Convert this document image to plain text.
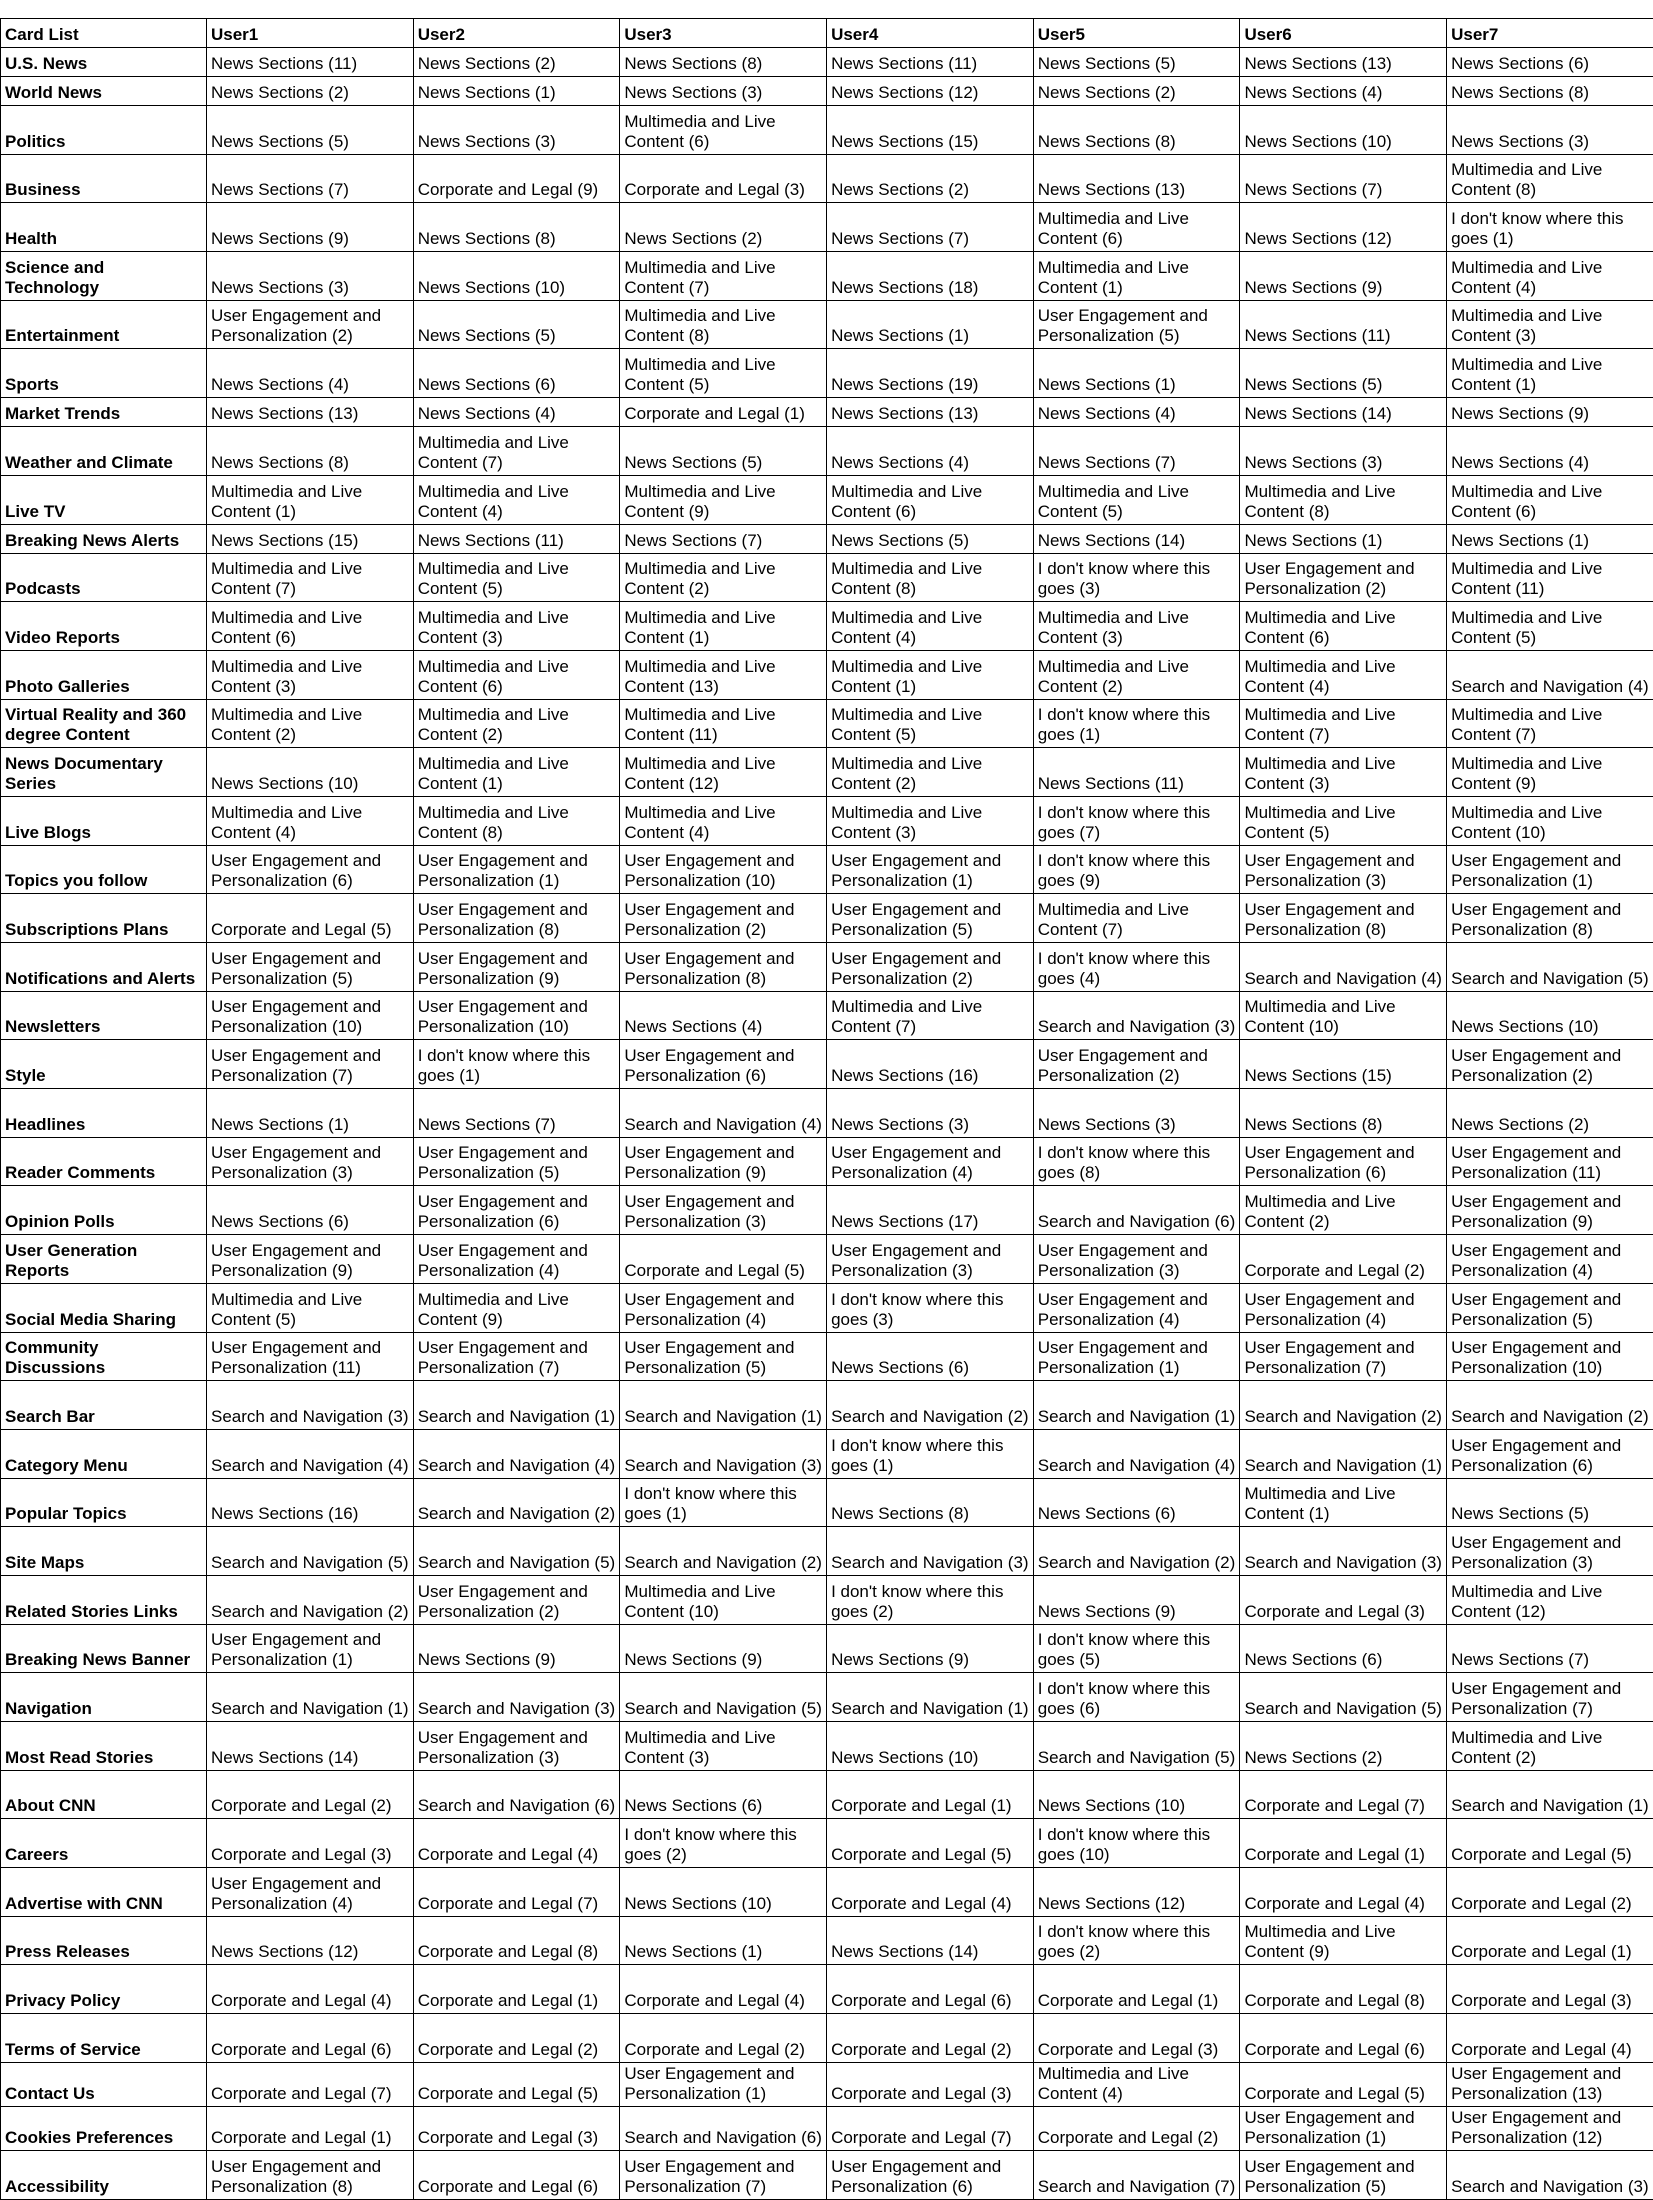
Card List	User1	User2	User3	User4	User5	User6	User7
U.S. News	News Sections (11)	News Sections (2)	News Sections (8)	News Sections (11)	News Sections (5)	News Sections (13)	News Sections (6)
World News	News Sections (2)	News Sections (1)	News Sections (3)	News Sections (12)	News Sections (2)	News Sections (4)	News Sections (8)
Politics	News Sections (5)	News Sections (3)	Multimedia and Live Content (6)	News Sections (15)	News Sections (8)	News Sections (10)	News Sections (3)
Business	News Sections (7)	Corporate and Legal (9)	Corporate and Legal (3)	News Sections (2)	News Sections (13)	News Sections (7)	Multimedia and Live Content (8)
Health	News Sections (9)	News Sections (8)	News Sections (2)	News Sections (7)	Multimedia and Live Content (6)	News Sections (12)	I don't know where this goes (1)
Science and Technology	News Sections (3)	News Sections (10)	Multimedia and Live Content (7)	News Sections (18)	Multimedia and Live Content (1)	News Sections (9)	Multimedia and Live Content (4)
Entertainment	User Engagement and Personalization (2)	News Sections (5)	Multimedia and Live Content (8)	News Sections (1)	User Engagement and Personalization (5)	News Sections (11)	Multimedia and Live Content (3)
Sports	News Sections (4)	News Sections (6)	Multimedia and Live Content (5)	News Sections (19)	News Sections (1)	News Sections (5)	Multimedia and Live Content (1)
Market Trends	News Sections (13)	News Sections (4)	Corporate and Legal (1)	News Sections (13)	News Sections (4)	News Sections (14)	News Sections (9)
Weather and Climate	News Sections (8)	Multimedia and Live Content (7)	News Sections (5)	News Sections (4)	News Sections (7)	News Sections (3)	News Sections (4)
Live TV	Multimedia and Live Content (1)	Multimedia and Live Content (4)	Multimedia and Live Content (9)	Multimedia and Live Content (6)	Multimedia and Live Content (5)	Multimedia and Live Content (8)	Multimedia and Live Content (6)
Breaking News Alerts	News Sections (15)	News Sections (11)	News Sections (7)	News Sections (5)	News Sections (14)	News Sections (1)	News Sections (1)
Podcasts	Multimedia and Live Content (7)	Multimedia and Live Content (5)	Multimedia and Live Content (2)	Multimedia and Live Content (8)	I don't know where this goes (3)	User Engagement and Personalization (2)	Multimedia and Live Content (11)
Video Reports	Multimedia and Live Content (6)	Multimedia and Live Content (3)	Multimedia and Live Content (1)	Multimedia and Live Content (4)	Multimedia and Live Content (3)	Multimedia and Live Content (6)	Multimedia and Live Content (5)
Photo Galleries	Multimedia and Live Content (3)	Multimedia and Live Content (6)	Multimedia and Live Content (13)	Multimedia and Live Content (1)	Multimedia and Live Content (2)	Multimedia and Live Content (4)	Search and Navigation (4)
Virtual Reality and 360 degree Content	Multimedia and Live Content (2)	Multimedia and Live Content (2)	Multimedia and Live Content (11)	Multimedia and Live Content (5)	I don't know where this goes (1)	Multimedia and Live Content (7)	Multimedia and Live Content (7)
News Documentary Series	News Sections (10)	Multimedia and Live Content (1)	Multimedia and Live Content (12)	Multimedia and Live Content (2)	News Sections (11)	Multimedia and Live Content (3)	Multimedia and Live Content (9)
Live Blogs	Multimedia and Live Content (4)	Multimedia and Live Content (8)	Multimedia and Live Content (4)	Multimedia and Live Content (3)	I don't know where this goes (7)	Multimedia and Live Content (5)	Multimedia and Live Content (10)
Topics you follow	User Engagement and Personalization (6)	User Engagement and Personalization (1)	User Engagement and Personalization (10)	User Engagement and Personalization (1)	I don't know where this goes (9)	User Engagement and Personalization (3)	User Engagement and Personalization (1)
Subscriptions Plans	Corporate and Legal (5)	User Engagement and Personalization (8)	User Engagement and Personalization (2)	User Engagement and Personalization (5)	Multimedia and Live Content (7)	User Engagement and Personalization (8)	User Engagement and Personalization (8)
Notifications and Alerts	User Engagement and Personalization (5)	User Engagement and Personalization (9)	User Engagement and Personalization (8)	User Engagement and Personalization (2)	I don't know where this goes (4)	Search and Navigation (4)	Search and Navigation (5)
Newsletters	User Engagement and Personalization (10)	User Engagement and Personalization (10)	News Sections (4)	Multimedia and Live Content (7)	Search and Navigation (3)	Multimedia and Live Content (10)	News Sections (10)
Style	User Engagement and Personalization (7)	I don't know where this goes (1)	User Engagement and Personalization (6)	News Sections (16)	User Engagement and Personalization (2)	News Sections (15)	User Engagement and Personalization (2)
Headlines	News Sections (1)	News Sections (7)	Search and Navigation (4)	News Sections (3)	News Sections (3)	News Sections (8)	News Sections (2)
Reader Comments	User Engagement and Personalization (3)	User Engagement and Personalization (5)	User Engagement and Personalization (9)	User Engagement and Personalization (4)	I don't know where this goes (8)	User Engagement and Personalization (6)	User Engagement and Personalization (11)
Opinion Polls	News Sections (6)	User Engagement and Personalization (6)	User Engagement and Personalization (3)	News Sections (17)	Search and Navigation (6)	Multimedia and Live Content (2)	User Engagement and Personalization (9)
User Generation Reports	User Engagement and Personalization (9)	User Engagement and Personalization (4)	Corporate and Legal (5)	User Engagement and Personalization (3)	User Engagement and Personalization (3)	Corporate and Legal (2)	User Engagement and Personalization (4)
Social Media Sharing	Multimedia and Live Content (5)	Multimedia and Live Content (9)	User Engagement and Personalization (4)	I don't know where this goes (3)	User Engagement and Personalization (4)	User Engagement and Personalization (4)	User Engagement and Personalization (5)
Community Discussions	User Engagement and Personalization (11)	User Engagement and Personalization (7)	User Engagement and Personalization (5)	News Sections (6)	User Engagement and Personalization (1)	User Engagement and Personalization (7)	User Engagement and Personalization (10)
Search Bar	Search and Navigation (3)	Search and Navigation (1)	Search and Navigation (1)	Search and Navigation (2)	Search and Navigation (1)	Search and Navigation (2)	Search and Navigation (2)
Category Menu	Search and Navigation (4)	Search and Navigation (4)	Search and Navigation (3)	I don't know where this goes (1)	Search and Navigation (4)	Search and Navigation (1)	User Engagement and Personalization (6)
Popular Topics	News Sections (16)	Search and Navigation (2)	I don't know where this goes (1)	News Sections (8)	News Sections (6)	Multimedia and Live Content (1)	News Sections (5)
Site Maps	Search and Navigation (5)	Search and Navigation (5)	Search and Navigation (2)	Search and Navigation (3)	Search and Navigation (2)	Search and Navigation (3)	User Engagement and Personalization (3)
Related Stories Links	Search and Navigation (2)	User Engagement and Personalization (2)	Multimedia and Live Content (10)	I don't know where this goes (2)	News Sections (9)	Corporate and Legal (3)	Multimedia and Live Content (12)
Breaking News Banner	User Engagement and Personalization (1)	News Sections (9)	News Sections (9)	News Sections (9)	I don't know where this goes (5)	News Sections (6)	News Sections (7)
Navigation	Search and Navigation (1)	Search and Navigation (3)	Search and Navigation (5)	Search and Navigation (1)	I don't know where this goes (6)	Search and Navigation (5)	User Engagement and Personalization (7)
Most Read Stories	News Sections (14)	User Engagement and Personalization (3)	Multimedia and Live Content (3)	News Sections (10)	Search and Navigation (5)	News Sections (2)	Multimedia and Live Content (2)
About CNN	Corporate and Legal (2)	Search and Navigation (6)	News Sections (6)	Corporate and Legal (1)	News Sections (10)	Corporate and Legal (7)	Search and Navigation (1)
Careers	Corporate and Legal (3)	Corporate and Legal (4)	I don't know where this goes (2)	Corporate and Legal (5)	I don't know where this goes (10)	Corporate and Legal (1)	Corporate and Legal (5)
Advertise with CNN	User Engagement and Personalization (4)	Corporate and Legal (7)	News Sections (10)	Corporate and Legal (4)	News Sections (12)	Corporate and Legal (4)	Corporate and Legal (2)
Press Releases	News Sections (12)	Corporate and Legal (8)	News Sections (1)	News Sections (14)	I don't know where this goes (2)	Multimedia and Live Content (9)	Corporate and Legal (1)
Privacy Policy	Corporate and Legal (4)	Corporate and Legal (1)	Corporate and Legal (4)	Corporate and Legal (6)	Corporate and Legal (1)	Corporate and Legal (8)	Corporate and Legal (3)
Terms of Service	Corporate and Legal (6)	Corporate and Legal (2)	Corporate and Legal (2)	Corporate and Legal (2)	Corporate and Legal (3)	Corporate and Legal (6)	Corporate and Legal (4)
Contact Us	Corporate and Legal (7)	Corporate and Legal (5)	User Engagement and Personalization (1)	Corporate and Legal (3)	Multimedia and Live Content (4)	Corporate and Legal (5)	User Engagement and Personalization (13)
Cookies Preferences	Corporate and Legal (1)	Corporate and Legal (3)	Search and Navigation (6)	Corporate and Legal (7)	Corporate and Legal (2)	User Engagement and Personalization (1)	User Engagement and Personalization (12)
Accessibility	User Engagement and Personalization (8)	Corporate and Legal (6)	User Engagement and Personalization (7)	User Engagement and Personalization (6)	Search and Navigation (7)	User Engagement and Personalization (5)	Search and Navigation (3)
